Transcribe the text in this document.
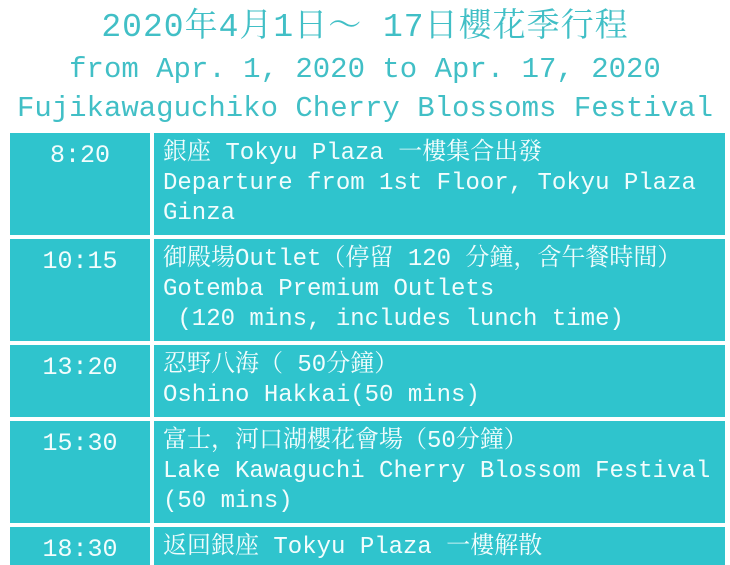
2020年4月1日～ 17日櫻花季行程
from Apr. 1, 2020 to Apr. 17, 2020
Fujikawaguchiko Cherry Blossoms Festival
8:20	銀座 Tokyu Plaza 一樓集合出發
Departure from 1st Floor, Tokyu Plaza
Ginza
10:15	御殿場Outlet（停留 120 分鐘，含午餐時間）
Gotemba Premium Outlets
(120 mins, includes lunch time)
13:20	忍野八海（ 50分鐘）
Oshino Hakkai(50 mins)
15:30	富士，河口湖櫻花會場（50分鐘）
Lake Kawaguchi Cherry Blossom Festival
(50 mins)
18:30	返回銀座 Tokyu Plaza 一樓解散
